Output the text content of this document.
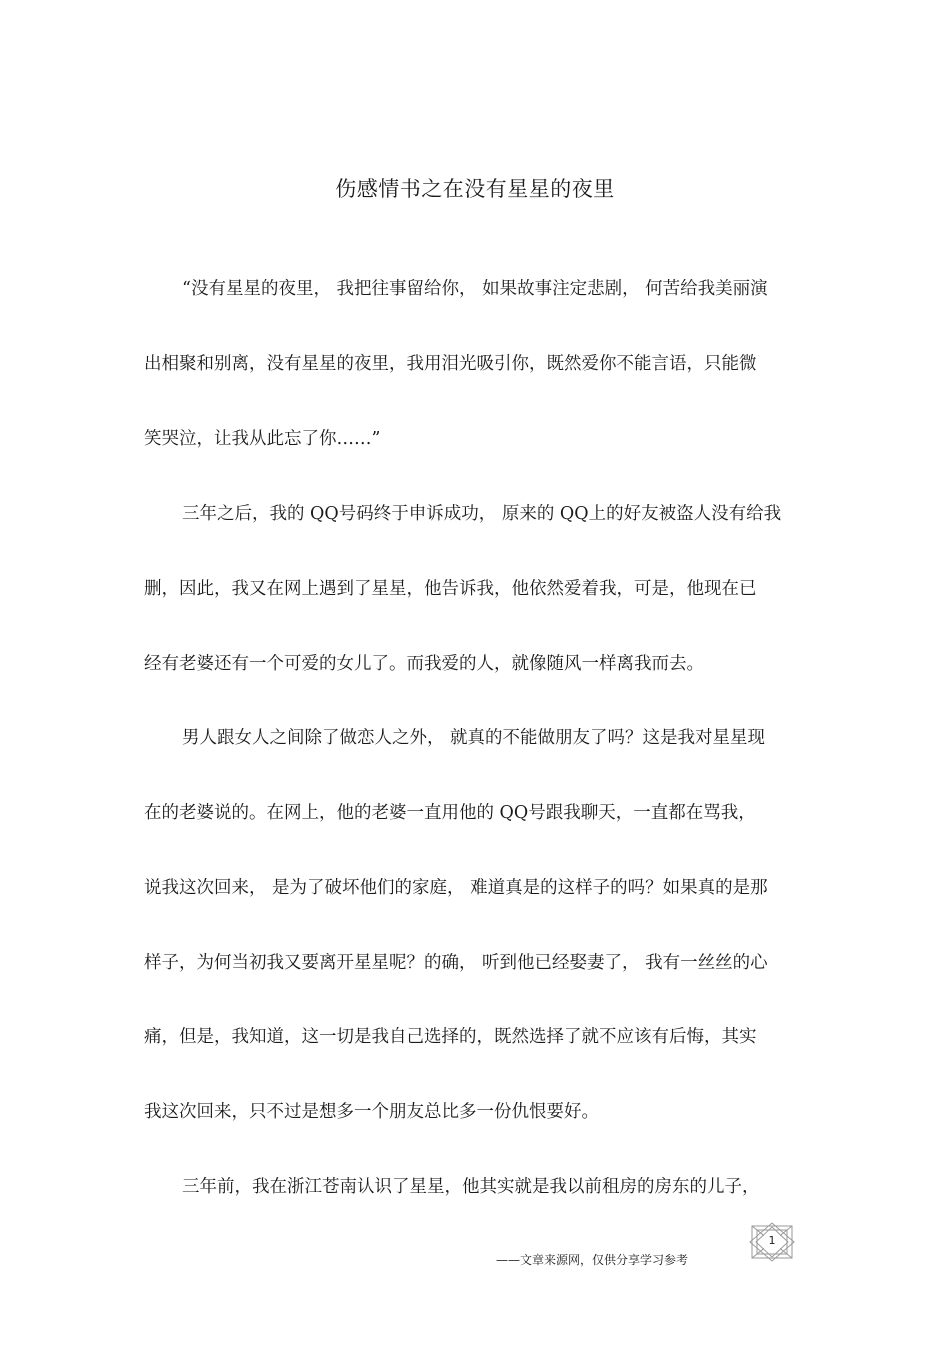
伤感情书之在没有星星的夜里

“没有星星的夜里， 我把往事留给你， 如果故事注定悲剧， 何苦给我美丽演

出相聚和别离，没有星星的夜里，我用泪光吸引你，既然爱你不能言语，只能微

笑哭泣，让我从此忘了你……”

三年之后，我的 QQ号码终于申诉成功， 原来的 QQ上的好友被盗人没有给我

删，因此，我又在网上遇到了星星，他告诉我，他依然爱着我，可是，他现在已

经有老婆还有一个可爱的女儿了。而我爱的人，就像随风一样离我而去。

男人跟女人之间除了做恋人之外， 就真的不能做朋友了吗？这是我对星星现

在的老婆说的。在网上，他的老婆一直用他的 QQ号跟我聊天，一直都在骂我，

说我这次回来， 是为了破坏他们的家庭， 难道真是的这样子的吗？如果真的是那

样子，为何当初我又要离开星星呢？的确， 听到他已经娶妻了， 我有一丝丝的心

痛，但是，我知道，这一切是我自己选择的，既然选择了就不应该有后悔，其实

我这次回来，只不过是想多一个朋友总比多一份仇恨要好。

三年前，我在浙江苍南认识了星星，他其实就是我以前租房的房东的儿子，

1
——文章来源网，仅供分享学习参考
